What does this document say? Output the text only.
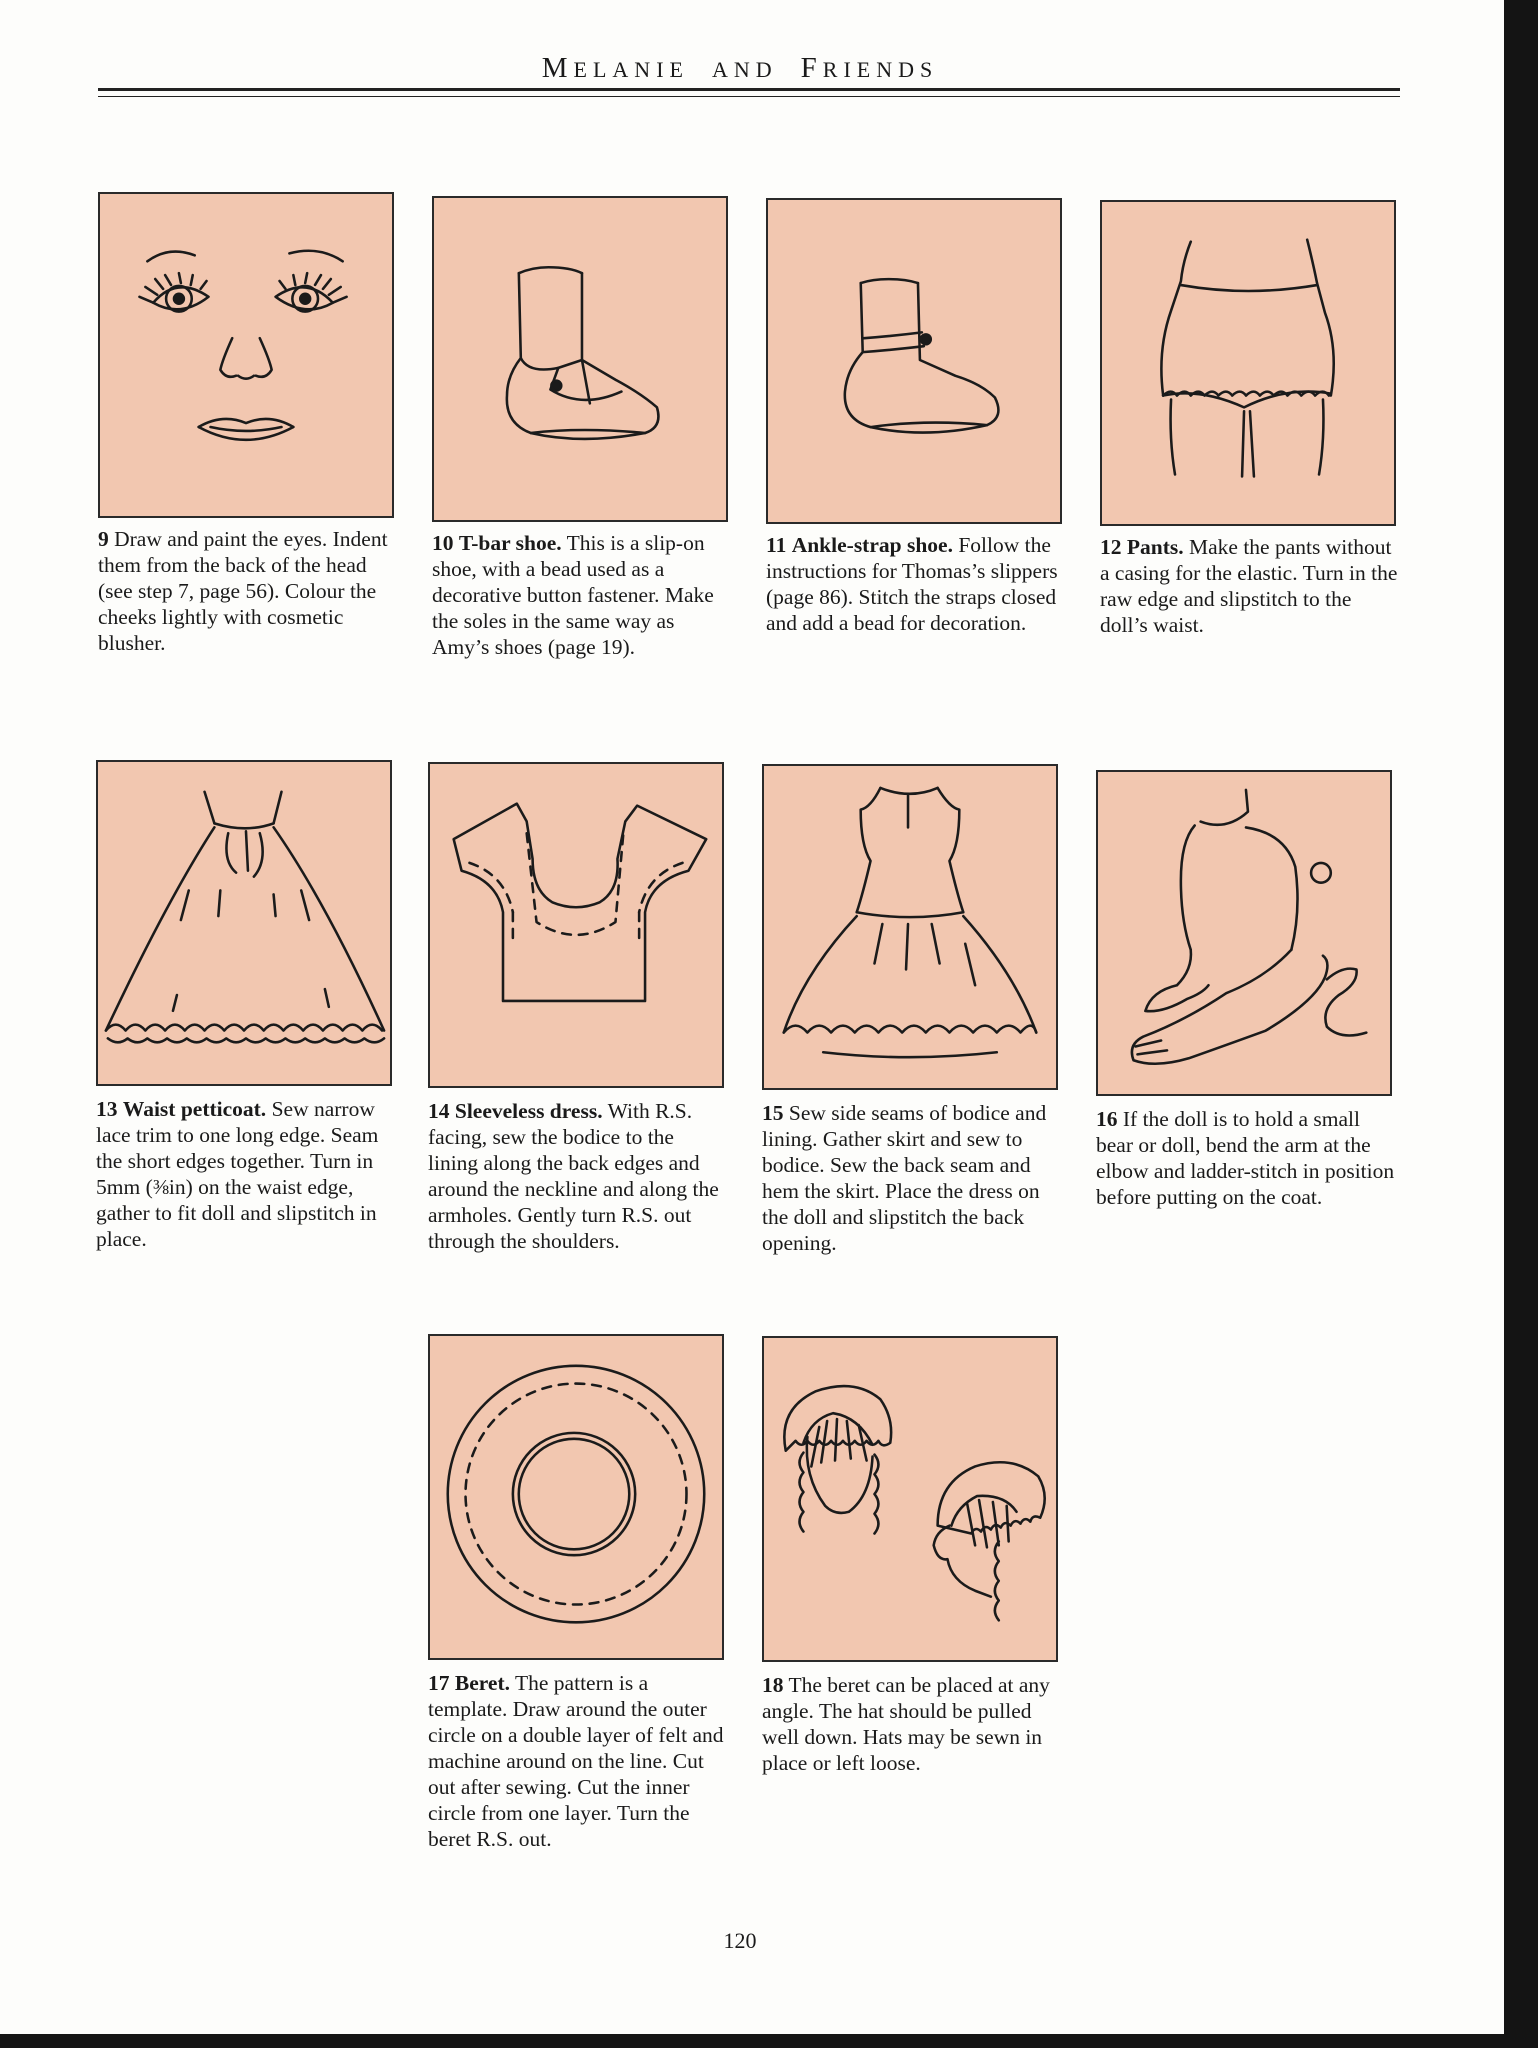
MELANIE AND FRIENDS
9 Draw and paint the eyes. Indent them from the back of the head (see step 7, page 56). Colour the cheeks lightly with cosmetic blusher.
10 T-bar shoe. This is a slip-on shoe, with a bead used as a decorative button fastener. Make the soles in the same way as Amy’s shoes (page 19).
11 Ankle-strap shoe. Follow the instructions for Thomas’s slippers (page 86). Stitch the straps closed and add a bead for decoration.
12 Pants. Make the pants without a casing for the elastic. Turn in the raw edge and slipstitch to the doll’s waist.
13 Waist petticoat. Sew narrow lace trim to one long edge. Seam the short edges together. Turn in 5mm (⅜in) on the waist edge, gather to fit doll and slipstitch in place.
14 Sleeveless dress. With R.S. facing, sew the bodice to the lining along the back edges and around the neckline and along the armholes. Gently turn R.S. out through the shoulders.
15 Sew side seams of bodice and lining. Gather skirt and sew to bodice. Sew the back seam and hem the skirt. Place the dress on the doll and slipstitch the back opening.
16 If the doll is to hold a small bear or doll, bend the arm at the elbow and ladder-stitch in position before putting on the coat.
17 Beret. The pattern is a template. Draw around the outer circle on a double layer of felt and machine around on the line. Cut out after sewing. Cut the inner circle from one layer. Turn the beret R.S. out.
18 The beret can be placed at any angle. The hat should be pulled well down. Hats may be sewn in place or left loose.
120
